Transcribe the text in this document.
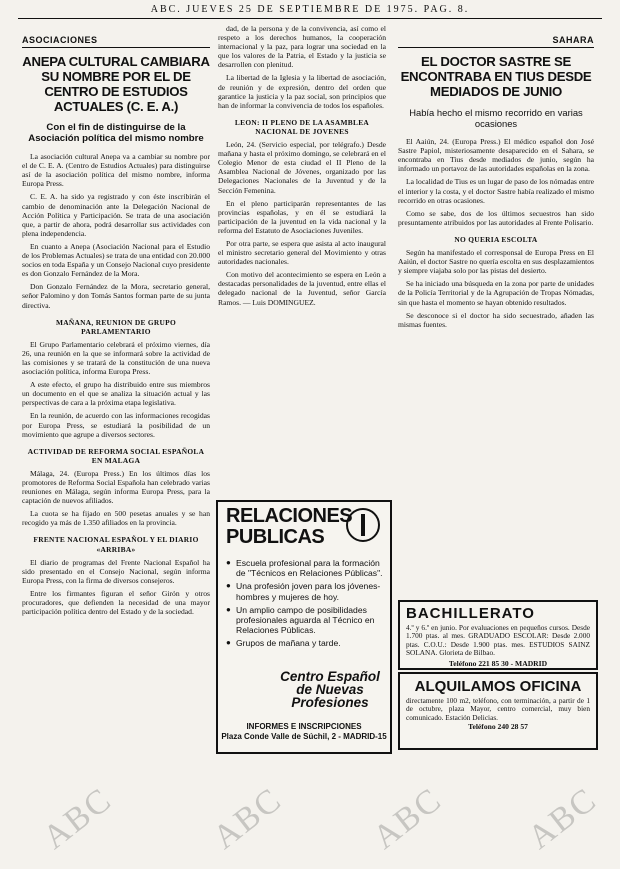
ABC. JUEVES 25 DE SEPTIEMBRE DE 1975. PAG. 8.
ASOCIACIONES
ANEPA CULTURAL CAMBIARA SU NOMBRE POR EL DE CENTRO DE ESTUDIOS ACTUALES (C. E. A.)
Con el fin de distinguirse de la Asociación política del mismo nombre

La asociación cultural Anepa va a cambiar su nombre por el de C. E. A. (Centro de Estudios Actuales) para distinguirse así de la asociación política del mismo nombre, informa Europa Press.

C. E. A. ha sido ya registrado y con éste inscribirán el cambio de denominación ante la Delegación Nacional de Acción Política y Participación. Se trata de una asociación que, a partir de ahora, podrá desarrollar sus actividades con plena independencia.

En cuanto a Anepa (Asociación Nacional para el Estudio de los Problemas Actuales) se trata de una entidad con 20.000 socios en toda España y un Consejo Nacional cuyo presidente es don Gonzalo Fernández de la Mora.

Don Gonzalo Fernández de la Mora, secretario general, señor Palomino y don Tomás Santos forman parte de su junta directiva.

MAÑANA, REUNION DE GRUPO PARLAMENTARIO

El Grupo Parlamentario celebrará el próximo viernes, día 26, una reunión en la que se informará sobre la actividad de las comisiones y se tratará de la constitución de una nueva asociación política, informa Europa Press.

A este efecto, el grupo ha distribuido entre sus miembros un documento en el que se analiza la situación actual y las perspectivas de cara a la próxima etapa legislativa.

En la reunión, de acuerdo con las informaciones recogidas por Europa Press, se estudiará la posibilidad de un movimiento que agrupe a diversos sectores.

ACTIVIDAD DE REFORMA SOCIAL ESPAÑOLA EN MALAGA

Málaga, 24. (Europa Press.) En los últimos días los promotores de Reforma Social Española han celebrado varias reuniones en Málaga, según informa Europa Press, para la captación de nuevos afiliados.

La cuota se ha fijado en 500 pesetas anuales y se han recogido ya más de 1.350 afiliados en la provincia.

FRENTE NACIONAL ESPAÑOL Y EL DIARIO «ARRIBA»

El diario de programas del Frente Nacional Español ha sido presentado en el Consejo Nacional, según informa Europa Press, con la firma de diversos consejeros.

Entre los firmantes figuran el señor Girón y otros procuradores, que defienden la necesidad de una mayor participación política dentro del Estado y de la sociedad.

dad, de la persona y de la convivencia, así como el respeto a los derechos humanos, la cooperación internacional y la paz, para lograr una sociedad en la que los valores de la Patria, el Estado y la justicia se desarrollen con plenitud.

La libertad de la Iglesia y la libertad de asociación, de reunión y de expresión, dentro del orden que garantice la justicia y la paz social, son principios que han de informar la convivencia de todos los españoles.

LEON: II PLENO DE LA ASAMBLEA NACIONAL DE JOVENES

León, 24. (Servicio especial, por telégrafo.) Desde mañana y hasta el próximo domingo, se celebrará en el Colegio Menor de esta ciudad el II Pleno de la Asamblea Nacional de Jóvenes, organizado por las Delegaciones Nacionales de la Juventud y de la Sección Femenina.

En el pleno participarán representantes de las provincias españolas, y en él se estudiará la participación de la juventud en la vida nacional y la reforma del Estatuto de Asociaciones Juveniles.

Por otra parte, se espera que asista al acto inaugural el ministro secretario general del Movimiento y otras autoridades nacionales.

Con motivo del acontecimiento se espera en León a destacadas personalidades de la juventud, entre ellas el delegado nacional de la Juventud, señor García Ramos. — Luis DOMINGUEZ.

RELACIONES PUBLICAS
● Escuela profesional para la formación de "Técnicos en Relaciones Públicas".
● Una profesión joven para los jóvenes-hombres y mujeres de hoy.
● Un amplio campo de posibilidades profesionales aguarda al Técnico en Relaciones Públicas.
● Grupos de mañana y tarde.
Centro Español de Nuevas Profesiones
INFORMES E INSCRIPCIONES
Plaza Conde Valle de Súchil, 2 - MADRID-15
SAHARA
EL DOCTOR SASTRE SE ENCONTRABA EN TIUS DESDE MEDIADOS DE JUNIO
Había hecho el mismo recorrido en varias ocasiones

El Aaiún, 24. (Europa Press.) El médico español don José Sastre Papiol, misteriosamente desaparecido en el Sahara, se encontraba en Tius desde mediados de junio, según ha informado un portavoz de las autoridades españolas en la zona.

La localidad de Tius es un lugar de paso de los nómadas entre el interior y la costa, y el doctor Sastre había realizado el mismo recorrido en otras ocasiones.

Como se sabe, dos de los últimos secuestros han sido presuntamente atribuidos por las autoridades al Frente Polisario.

NO QUERIA ESCOLTA

Según ha manifestado el corresponsal de Europa Press en El Aaiún, el doctor Sastre no quería escolta en sus desplazamientos y siempre viajaba solo por las pistas del desierto.

Se ha iniciado una búsqueda en la zona por parte de unidades de la Policía Territorial y de la Agrupación de Tropas Nómadas, sin que hasta el momento se hayan obtenido resultados.

Se desconoce si el doctor ha sido secuestrado, añaden las mismas fuentes.

BACHILLERATO
4.º y 6.º en junio. Por evaluaciones en pequeños cursos. Desde 1.700 ptas. al mes. GRADUADO ESCOLAR: Desde 2.000 ptas. C.O.U.: Desde 1.900 ptas. mes. ESTUDIOS SAINZ SOLANA. Glorieta de Bilbao.
Teléfono 221 85 30 - MADRID
ALQUILAMOS OFICINA
directamente 100 m2, teléfono, con terminación, a partir de 1 de octubre, plaza Mayor, centro comercial, muy bien comunicado. Estación Delicias.
Teléfono 240 28 57
ABC	ABC ABC ABC
